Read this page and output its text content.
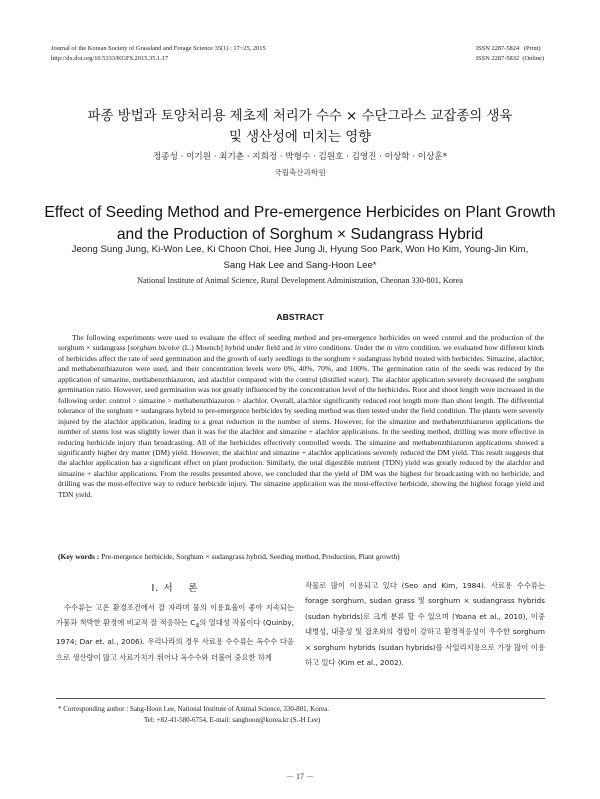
Journal of the Korean Society of Grassland and Forage Science 35(1) : 17~25, 2015
http://dx.doi.org/10.5333/KGFS.2015.35.1.17
ISSN 2287-5824   (Print)
ISSN 2287-5832  (Online)
파종 방법과 토양처리용 제초제 처리가 수수 × 수단그라스 교잡종의 생육
및 생산성에 미치는 영향
정종성 · 이기원 · 최기춘 · 지희정 · 박형수 · 김원호 · 김영진 · 이상학 · 이상훈*
국립축산과학원
Effect of Seeding Method and Pre-emergence Herbicides on Plant Growth
and the Production of Sorghum × Sudangrass Hybrid
Jeong Sung Jung, Ki-Won Lee, Ki Choon Choi, Hee Jung Ji, Hyung Soo Park, Won Ho Kim, Young-Jin Kim,
Sang Hak Lee and Sang-Hoon Lee*
National Institute of Animal Science, Rural Development Administration, Cheonan 330-801, Korea
ABSTRACT
The following experiments were used to evaluate the effect of seeding method and pre-emergence herbicides on weed control and the production of the sorghum × sudangrass [sorghum bicolor (L.) Moench] hybrid under field and in vitro conditions. Under the in vitro condition, we evaluated how different kinds of herbicides affect the rate of seed germination and the growth of early seedlings in the sorghum × sudangrass hybrid treated with herbicides. Simazine, alachlor, and methabenzthiazuron were used, and their concentration levels were 0%, 40%, 70%, and 100%. The germination ratio of the seeds was reduced by the application of simazine, methabenzthiazuron, and alachlor compared with the control (distilled water). The alachlor application severely decreased the sorghum germination ratio. However, seed germination was not greatly influenced by the concentration level of the herbicides. Root and shoot length were increased in the following order: control > simazine > methabenzthiazuron > alachlor. Overall, alachlor significantly reduced root length more than shoot length. The differential tolerance of the sorghum × sudangrass hybrid to pre-emergence herbicides by seeding method was then tested under the field condition. The plants were severely injured by the alachlor application, leading to a great reduction in the number of stems. However, for the simazine and methabenzthiazuron applications the number of stems lost was slightly lower than it was for the alachlor and simazine + alachlor applications. In the seeding method, drilling was more effective in reducing herbicide injury than broadcasting. All of the herbicides effectively controlled weeds. The simazine and methabenzthiazuron applications showed a significantly higher dry matter (DM) yield. However, the alachlor and simazine + alachlor applications severely reduced the DM yield. This result suggests that the alachlor application has a significant effect on plant production. Similarly, the total digestible nutrient (TDN) yield was greatly reduced by the alachlor and simazine + alachlor applications. From the results presented above, we concluded that the yield of DM was the highest for broadcasting with no herbicide, and drilling was the most-effective way to reduce herbicide injury. The simazine application was the most-effective herbicide, showing the highest forage yield and TDN yield.
(Key words : Pre-mergence herbicide, Sorghum × sudangrass hybrid, Seeding method, Production, Plant growth)
Ⅰ. 서　 론
수수류는 고온 환경조건에서 잘 자라며 물의 이용효율이 좋아 지속되는 가뭄과 척박한 환경에 비교적 잘 적응하는 $C_4$의 열대성 작물이다 (Quinby, 1974; Dar et. al., 2006). 우리나라의 경우 사료용 수수류는 옥수수 다음으로 생산량이 많고 사료가치가 뛰어나 옥수수와 더불어 중요한 하계
작물로 많이 이용되고 있다 (Seo and Kim, 1984). 사료용 수수류는 forage sorghum, sudan grass 및 sorghum × sudangrass hybrids (sudan hybrids)로 크게 분류 할 수 있으며 (Yoana et al., 2010), 이중 내병성, 내충성 및 잡초와의 경합이 강하고 환경적응성이 우수한 sorghum × sorghum hybrids (sudan hybrids)를 사일리지용으로 가장 많이 이용하고 있다 (Kim et al., 2002).
* Corresponding author : Sang-Hoon Lee, National Institute of Animal Science, 330-801, Korea.
Tel: +82-41-580-6754, E-mail: sanghoon@korea.kr (S.-H Lee)
－ 17 －
